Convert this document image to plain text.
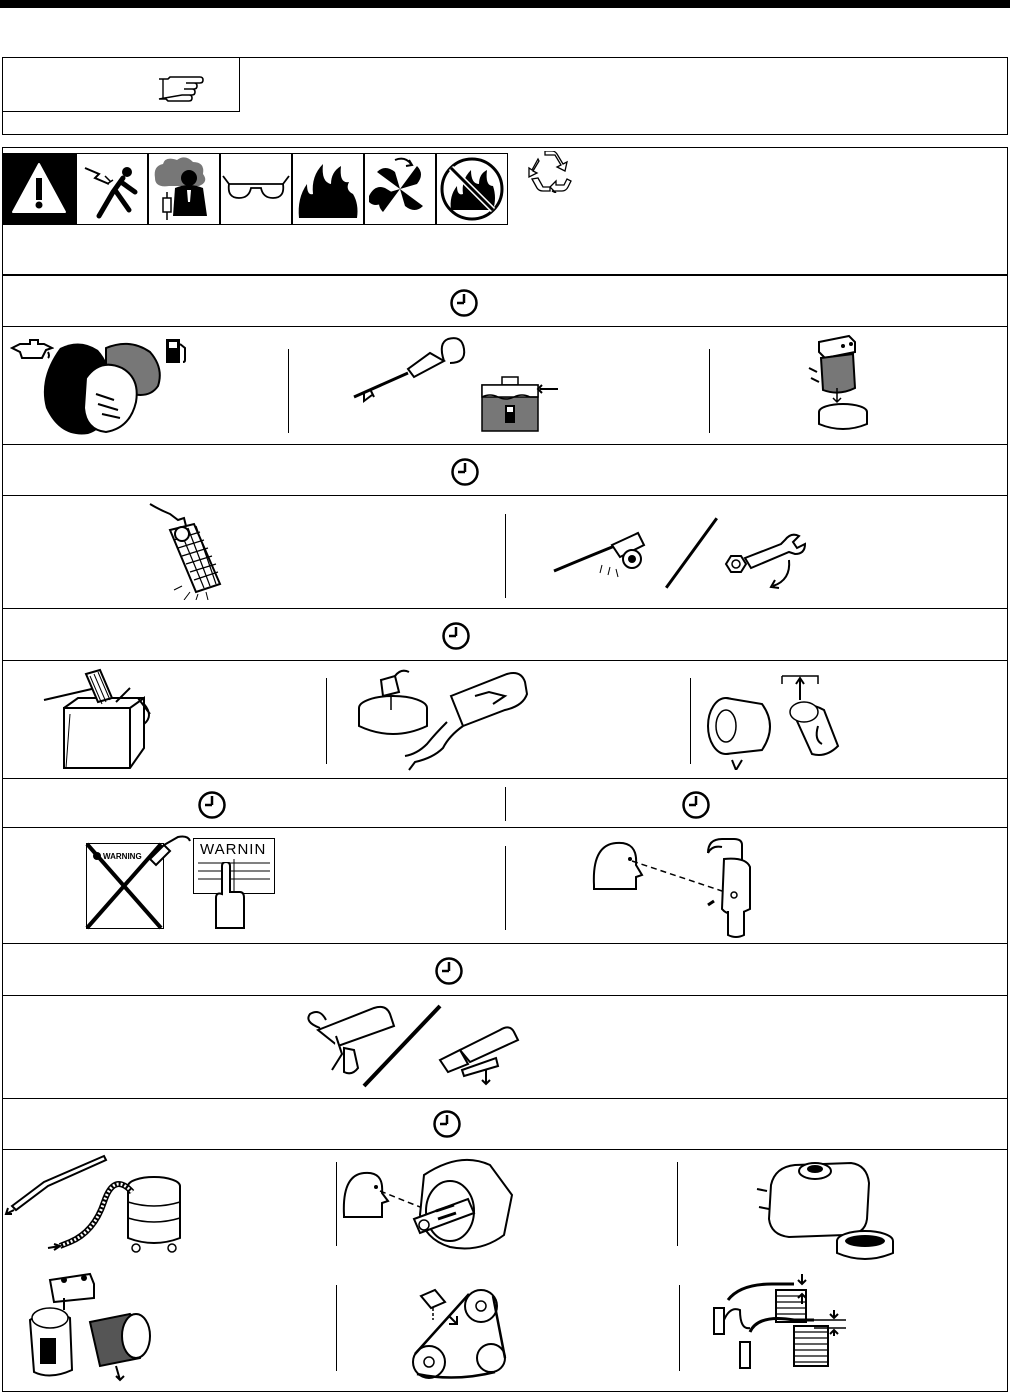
WARNING	WARNIN
